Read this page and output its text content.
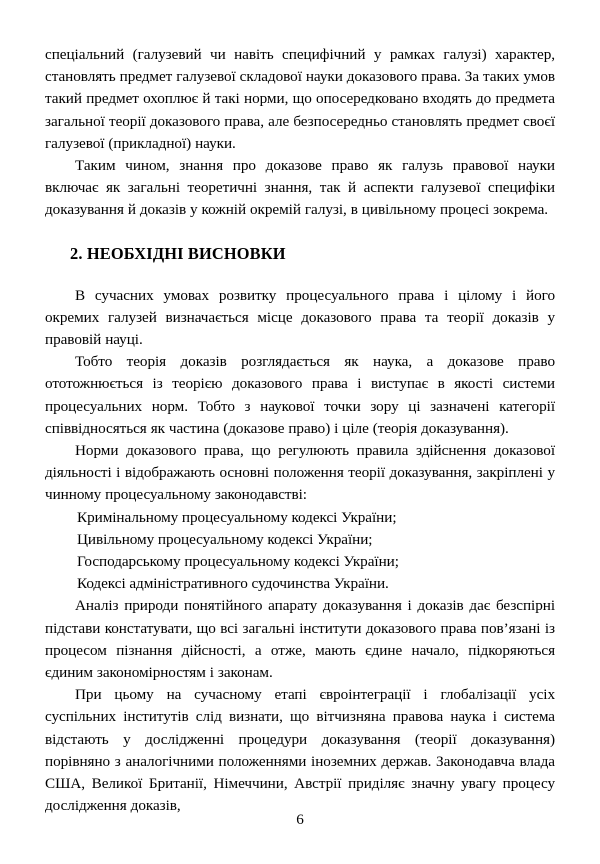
спеціальний (галузевий чи навіть специфічний у рамках галузі) характер, становлять предмет галузевої складової науки доказового права. За таких умов такий предмет охоплює й такі норми, що опосередковано входять до предмета загальної теорії доказового права, але безпосередньо становлять предмет своєї галузевої (прикладної) науки.

Таким чином, знання про доказове право як галузь правової науки включає як загальні теоретичні знання, так й аспекти галузевої специфіки доказування й доказів у кожній окремій галузі, в цивільному процесі зокрема.

2. НЕОБХІДНІ ВИСНОВКИ

В сучасних умовах розвитку процесуального права і цілому і його окремих галузей визначається місце доказового права та теорії доказів у правовій науці.

Тобто теорія доказів розглядається як наука, а доказове право ототожнюється із теорією доказового права і виступає в якості системи процесуальних норм. Тобто з наукової точки зору ці зазначені категорії співвідносяться як частина (доказове право) і ціле (теорія доказування).

Норми доказового права, що регулюють правила здійснення доказової діяльності і відображають основні положення теорії доказування, закріплені у чинному процесуальному законодавстві:

Кримінальному процесуальному кодексі України;
Цивільному процесуальному кодексі України;
Господарському процесуальному кодексі України;
Кодексі адміністративного судочинства України.

Аналіз природи понятійного апарату доказування і доказів дає безспірні підстави констатувати, що всі загальні інститути доказового права пов’язані із процесом пізнання дійсності, а отже, мають єдине начало, підкоряються єдиним закономірностям і законам.

При цьому на сучасному етапі євроінтеграції і глобалізації усіх суспільних інститутів слід визнати, що вітчизняна правова наука і система відстають у дослідженні процедури доказування (теорії доказування) порівняно з аналогічними положеннями іноземних держав. Законодавча влада США, Великої Британії, Німеччини, Австрії приділяє значну увагу процесу дослідження доказів,

6
